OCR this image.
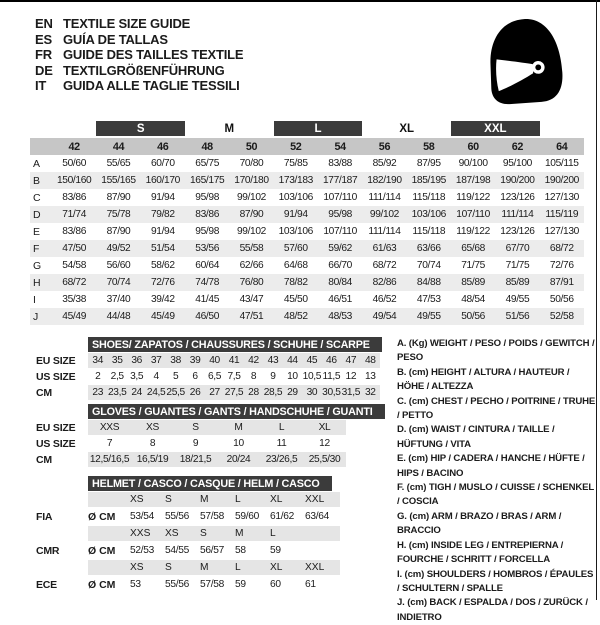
EN TEXTILE SIZE GUIDE
ES GUÍA DE TALLAS
FR GUIDE DES TAILLES TEXTILE
DE TEXTILGRÖßENFÜHRUNG
IT	GUIDA ALLE TAGLIE TESSILI
S	M	L	XL	XXL
42	44	46	48	50	52	54	56	58	60	62	64
A	50/60	55/65	60/70	65/75	70/80	75/85	83/88	85/92	87/95	90/100	95/100	105/115
B	150/160 155/165 160/170 165/175 170/180 173/183 177/187 182/190 185/195 187/198 190/200 190/200
C	83/86	87/90	91/94	95/98	99/102	103/106	107/110	111/114	115/118	119/122	123/126 127/130
D	71/74	75/78	79/82	83/86	87/90	91/94	95/98	99/102	103/106	107/110	111/114	115/119
E	83/86	87/90	91/94	95/98	99/102	103/106	107/110	111/114	115/118	119/122	123/126 127/130
F	47/50	49/52	51/54	53/56	55/58	57/60	59/62	61/63	63/66	65/68	67/70	68/72
G	54/58	56/60	58/62	60/64	62/66	64/68	66/70	68/72	70/74	71/75	71/75	72/76
H	68/72	70/74	72/76	74/78	76/80	78/82	80/84	82/86	84/88	85/89	85/89	87/91
I	35/38	37/40	39/42	41/45	43/47	45/50	46/51	46/52	47/53	48/54	49/55	50/56
J	45/49	44/48	45/49	46/50	47/51	48/52	48/53	49/54	49/55	50/56	51/56	52/58
SHOES/ ZAPATOS / CHAUSSURES / SCHUHE / SCARPE
EU SIZE	34 35 36 37 38 39 40 41 42 43 44 45 46 47 48
US SIZE	2	2,5 3,5	4	5	6	6,5 7,5	8	9	10 10,5 11,5 12 13
CM	23 23,5 24 24,5 25,5 26 27 27,5 28 28,5 29 30 30,5 31,5 32
GLOVES / GUANTES / GANTS / HANDSCHUHE / GUANTI
EU SIZE	XXS	XS	S	M	L	XL
US SIZE	7	8	9	10	11	12
CM	12,5/16,5 16,5/19	18/21,5	20/24	23/26,5	25,5/30
HELMET / CASCO / CASQUE / HELM / CASCO
XS	S	M	L	XL	XXL
FIA	Ø CM	53/54	55/56	57/58	59/60	61/62	63/64
XXS	XS	S	M	L
CMR	Ø CM	52/53	54/55	56/57	58	59
XS	S	M	L	XL	XXL
ECE	Ø CM	53	55/56	57/58	59	60	61
A. (Kg) WEIGHT / PESO / POIDS / GEWITCH / PESO
B. (cm) HEIGHT / ALTURA / HAUTEUR / HÖHE / ALTEZZA
C. (cm) CHEST / PECHO / POITRINE / TRUHE / PETTO
D. (cm) WAIST / CINTURA / TAILLE / HÜFTUNG / VITA
E. (cm) HIP / CADERA / HANCHE / HÜFTE / HIPS / BACINO
F. (cm) TIGH / MUSLO / CUISSE / SCHENKEL / COSCIA
G. (cm) ARM / BRAZO / BRAS / ARM / BRACCIO
H. (cm) INSIDE LEG / ENTREPIERNA / FOURCHE / SCHRITT / FORCELLA
I. (cm) SHOULDERS / HOMBROS / ÉPAULES / SCHULTERN / SPALLE
J. (cm) BACK / ESPALDA / DOS / ZURÜCK / INDIETRO
